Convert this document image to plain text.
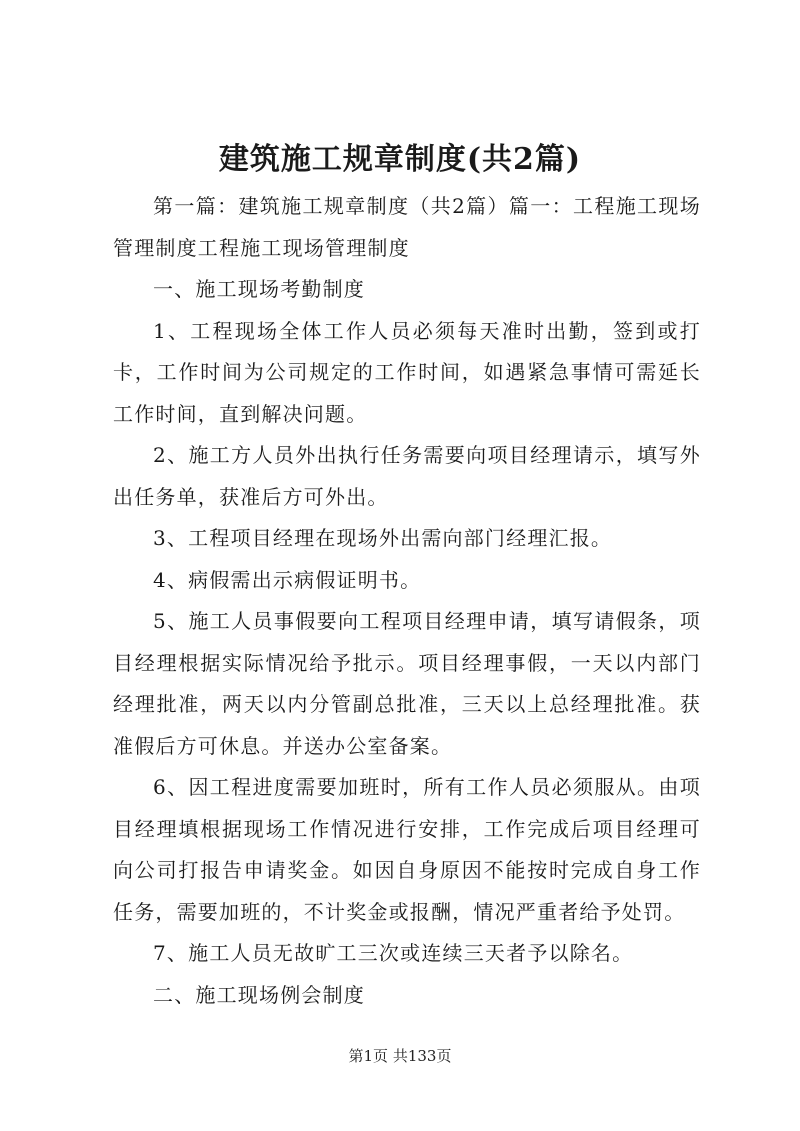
建筑施工规章制度(共2篇)

第一篇：建筑施工规章制度（共2篇）篇一：工程施工现场管理制度工程施工现场管理制度

一、施工现场考勤制度

1、工程现场全体工作人员必须每天准时出勤，签到或打卡，工作时间为公司规定的工作时间，如遇紧急事情可需延长工作时间，直到解决问题。

2、施工方人员外出执行任务需要向项目经理请示，填写外出任务单，获准后方可外出。

3、工程项目经理在现场外出需向部门经理汇报。

4、病假需出示病假证明书。

5、施工人员事假要向工程项目经理申请，填写请假条，项目经理根据实际情况给予批示。项目经理事假，一天以内部门经理批准，两天以内分管副总批准，三天以上总经理批准。获准假后方可休息。并送办公室备案。

6、因工程进度需要加班时，所有工作人员必须服从。由项目经理填根据现场工作情况进行安排，工作完成后项目经理可向公司打报告申请奖金。如因自身原因不能按时完成自身工作任务，需要加班的，不计奖金或报酬，情况严重者给予处罚。

7、施工人员无故旷工三次或连续三天者予以除名。

二、施工现场例会制度

第1页 共133页
